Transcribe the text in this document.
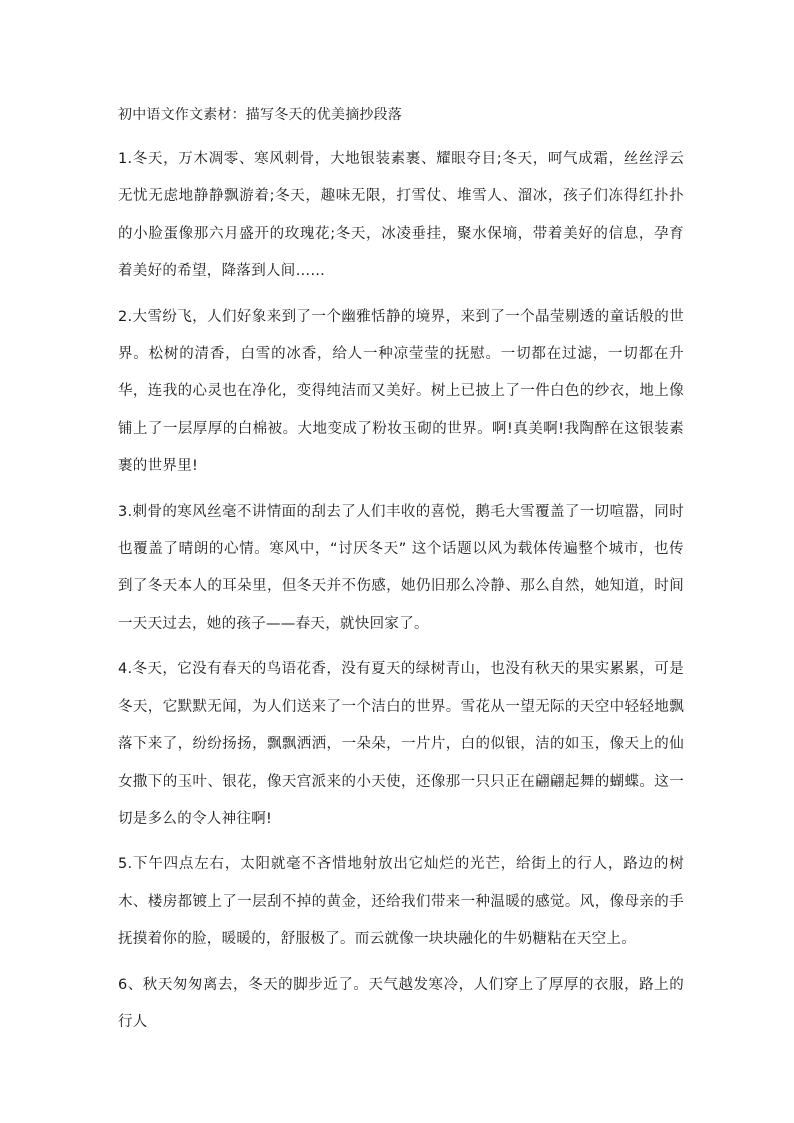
初中语文作文素材：描写冬天的优美摘抄段落

1.冬天，万木凋零、寒风刺骨，大地银装素裹、耀眼夺目;冬天，呵气成霜，丝丝浮云无忧无虑地静静飘游着;冬天，趣味无限，打雪仗、堆雪人、溜冰，孩子们冻得红扑扑的小脸蛋像那六月盛开的玫瑰花;冬天，冰凌垂挂，聚水保墒，带着美好的信息，孕育着美好的希望，降落到人间……

2.大雪纷飞，人们好象来到了一个幽雅恬静的境界，来到了一个晶莹剔透的童话般的世界。松树的清香，白雪的冰香，给人一种凉莹莹的抚慰。一切都在过滤，一切都在升华，连我的心灵也在净化，变得纯洁而又美好。树上已披上了一件白色的纱衣，地上像铺上了一层厚厚的白棉被。大地变成了粉妆玉砌的世界。啊!真美啊!我陶醉在这银装素裹的世界里!

3.刺骨的寒风丝毫不讲情面的刮去了人们丰收的喜悦，鹅毛大雪覆盖了一切喧嚣，同时也覆盖了晴朗的心情。寒风中，“讨厌冬天” 这个话题以风为载体传遍整个城市，也传到了冬天本人的耳朵里，但冬天并不伤感，她仍旧那么冷静、那么自然，她知道，时间一天天过去，她的孩子——春天，就快回家了。

4.冬天，它没有春天的鸟语花香，没有夏天的绿树青山，也没有秋天的果实累累，可是冬天，它默默无闻，为人们送来了一个洁白的世界。雪花从一望无际的天空中轻轻地飘落下来了，纷纷扬扬，飘飘洒洒，一朵朵，一片片，白的似银，洁的如玉，像天上的仙女撒下的玉叶、银花，像天宫派来的小天使，还像那一只只正在翩翩起舞的蝴蝶。这一切是多么的令人神往啊!

5.下午四点左右，太阳就毫不吝惜地射放出它灿烂的光芒，给街上的行人，路边的树木、楼房都镀上了一层刮不掉的黄金，还给我们带来一种温暖的感觉。风，像母亲的手抚摸着你的脸，暖暖的，舒服极了。而云就像一块块融化的牛奶糖粘在天空上。

6、秋天匆匆离去，冬天的脚步近了。天气越发寒冷，人们穿上了厚厚的衣服，路上的行人
